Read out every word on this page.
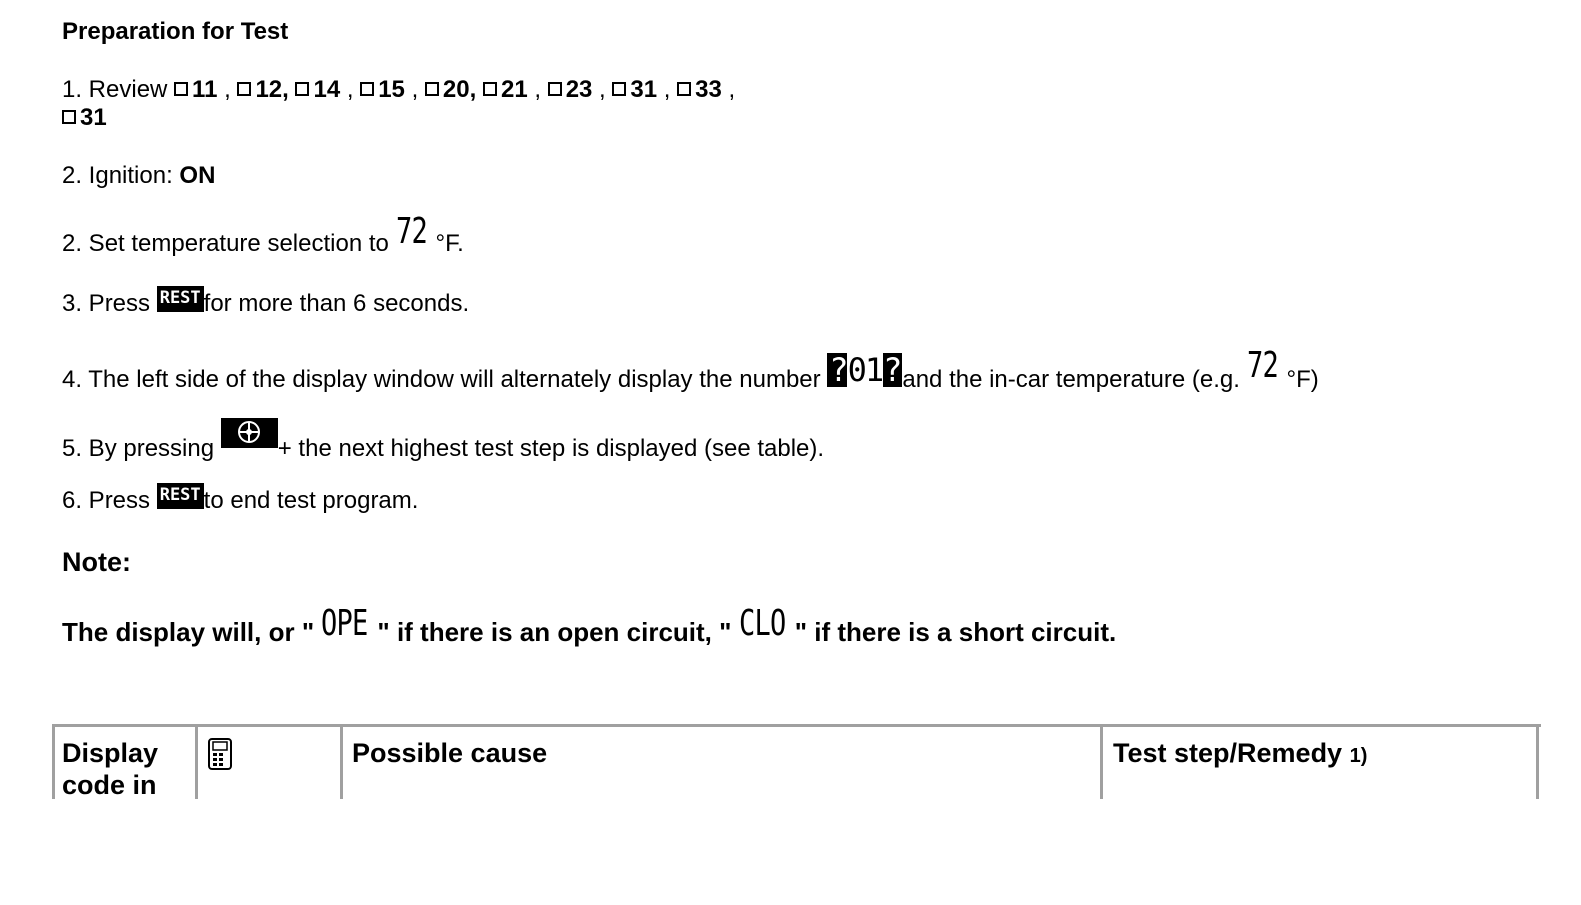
Preparation for Test
1. Review 11 , 12, 14 , 15 , 20, 21 , 23 , 31 , 33 ,
31
2. Ignition: ON
2. Set temperature selection to 72 °F.
3. Press REST for more than 6 seconds.
4. The left side of the display window will alternately display the number ?01?and the in-car temperature (e.g. 72 °F)
5. By pressing
+ the next highest test step is displayed (see table).
6. Press REST to end test program.
Note:
The display will, or " OPE " if there is an open circuit, " CLO " if there is a short circuit.
Display
code in
Possible cause	Test step/Remedy 1)
